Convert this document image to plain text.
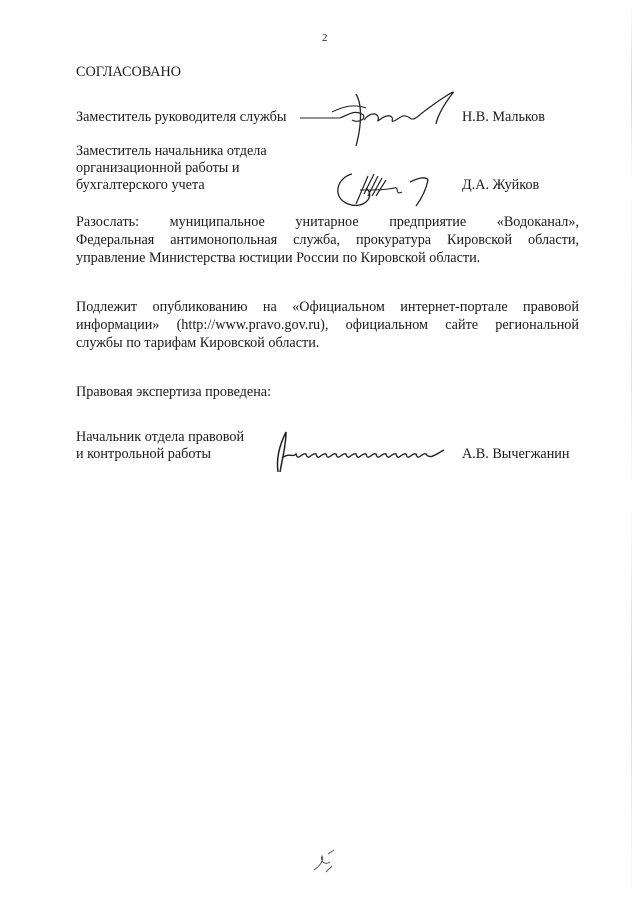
2
СОГЛАСОВАНО
Заместитель руководителя службы	Н.В. Мальков
Заместитель начальника отдела
организационной работы и
бухгалтерского учета	Д.А. Жуйков
Разослать: муниципальное унитарное предприятие «Водоканал»,
Федеральная антимонопольная служба, прокуратура Кировской области,
управление Министерства юстиции России по Кировской области.
Подлежит опубликованию на «Официальном интернет-портале правовой
информации» (http://www.pravo.gov.ru), официальном сайте региональной
службы по тарифам Кировской области.
Правовая экспертиза проведена:
Начальник отдела правовой
и контрольной работы	А.В. Вычегжанин
